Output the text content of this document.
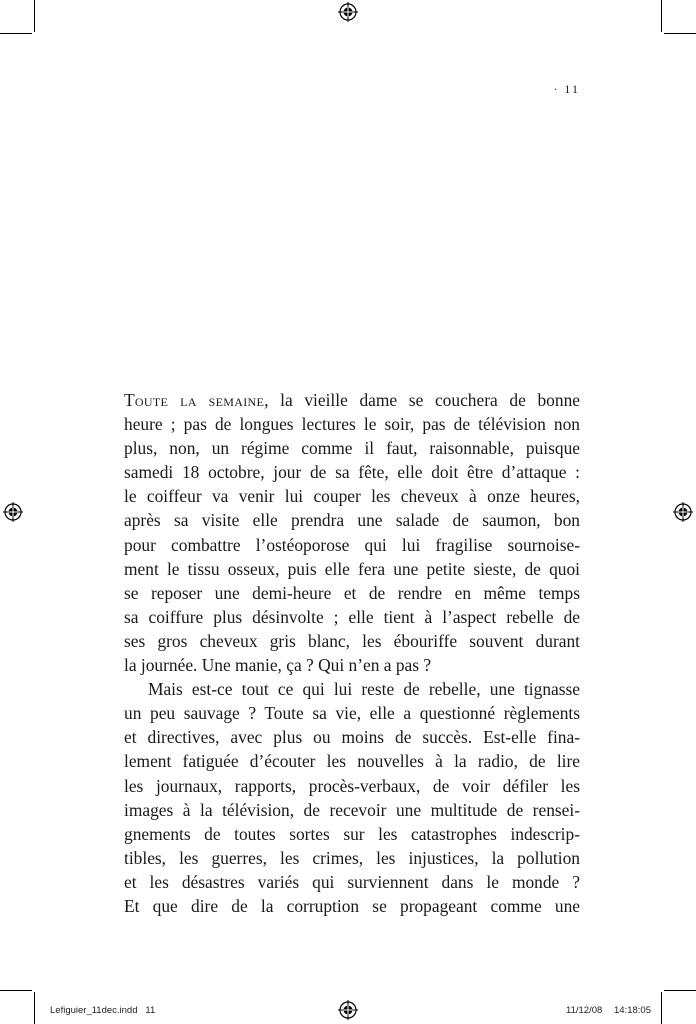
· 11
Toute la semaine, la vieille dame se couchera de bonne
heure ; pas de longues lectures le soir, pas de télévision non
plus, non, un régime comme il faut, raisonnable, puisque
samedi 18 octobre, jour de sa fête, elle doit être d’attaque :
le coiffeur va venir lui couper les cheveux à onze heures,
après sa visite elle prendra une salade de saumon, bon
pour combattre l’ostéoporose qui lui fragilise sournoise-
ment le tissu osseux, puis elle fera une petite sieste, de quoi
se reposer une demi-heure et de rendre en même temps
sa coiffure plus désinvolte ; elle tient à l’aspect rebelle de
ses gros cheveux gris blanc, les ébouriffe souvent durant
la journée. Une manie, ça ? Qui n’en a pas ?
Mais est-ce tout ce qui lui reste de rebelle, une tignasse
un peu sauvage ? Toute sa vie, elle a questionné règlements
et directives, avec plus ou moins de succès. Est-elle fina-
lement fatiguée d’écouter les nouvelles à la radio, de lire
les journaux, rapports, procès-verbaux, de voir défiler les
images à la télévision, de recevoir une multitude de rensei-
gnements de toutes sortes sur les catastrophes indescrip-
tibles, les guerres, les crimes, les injustices, la pollution
et les désastres variés qui surviennent dans le monde ?
Et que dire de la corruption se propageant comme une
Lefiguier_11dec.indd   11	11/12/08 14:18:05
